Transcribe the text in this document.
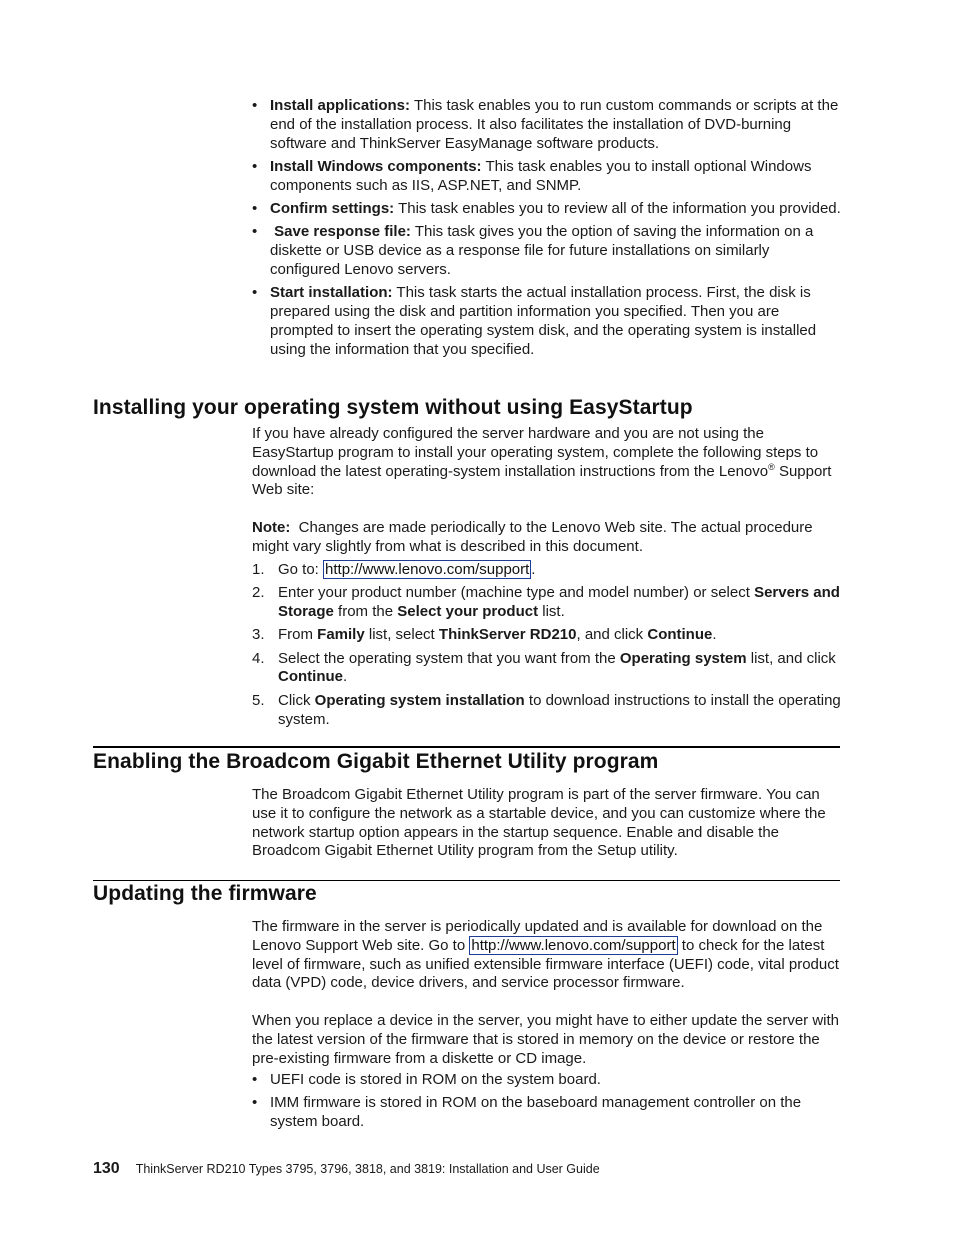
• Install applications: This task enables you to run custom commands or scripts at the end of the installation process. It also facilitates the installation of DVD-burning software and ThinkServer EasyManage software products.
• Install Windows components: This task enables you to install optional Windows components such as IIS, ASP.NET, and SNMP.
• Confirm settings: This task enables you to review all of the information you provided.
• Save response file: This task gives you the option of saving the information on a diskette or USB device as a response file for future installations on similarly configured Lenovo servers.
• Start installation: This task starts the actual installation process. First, the disk is prepared using the disk and partition information you specified. Then you are prompted to insert the operating system disk, and the operating system is installed using the information that you specified.
Installing your operating system without using EasyStartup

If you have already configured the server hardware and you are not using the EasyStartup program to install your operating system, complete the following steps to download the latest operating-system installation instructions from the Lenovo® Support Web site:

Note: Changes are made periodically to the Lenovo Web site. The actual procedure might vary slightly from what is described in this document.

1. Go to: http://www.lenovo.com/support .
2. Enter your product number (machine type and model number) or select Servers and Storage from the Select your product list.
3. From Family list, select ThinkServer RD210, and click Continue.
4. Select the operating system that you want from the Operating system list, and click Continue.
5. Click Operating system installation to download instructions to install the operating system.
Enabling the Broadcom Gigabit Ethernet Utility program

The Broadcom Gigabit Ethernet Utility program is part of the server firmware. You can use it to configure the network as a startable device, and you can customize where the network startup option appears in the startup sequence. Enable and disable the Broadcom Gigabit Ethernet Utility program from the Setup utility.

Updating the firmware

The firmware in the server is periodically updated and is available for download on the Lenovo Support Web site. Go to http://www.lenovo.com/support to check for the latest level of firmware, such as unified extensible firmware interface (UEFI) code, vital product data (VPD) code, device drivers, and service processor firmware.

When you replace a device in the server, you might have to either update the server with the latest version of the firmware that is stored in memory on the device or restore the pre-existing firmware from a diskette or CD image.

• UEFI code is stored in ROM on the system board.
• IMM firmware is stored in ROM on the baseboard management controller on the system board.
130 ThinkServer RD210 Types 3795, 3796, 3818, and 3819: Installation and User Guide
